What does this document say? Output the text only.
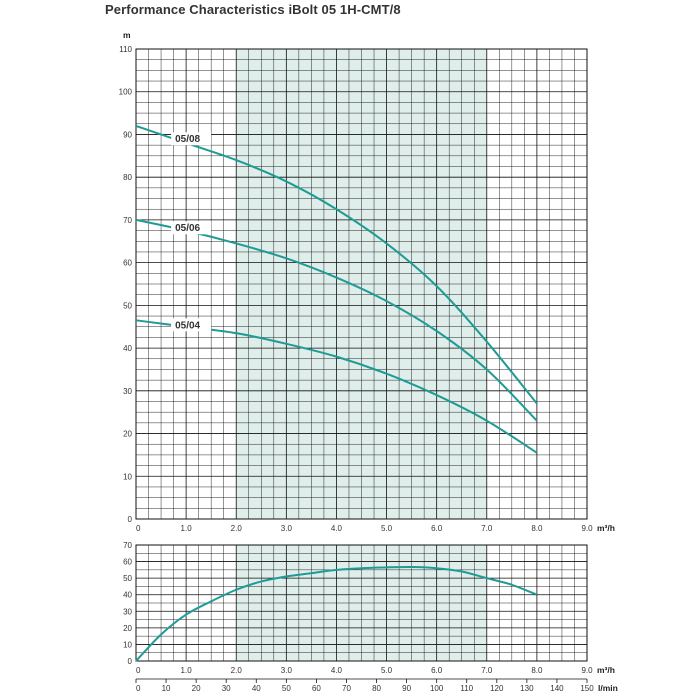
Performance Characteristics iBolt 05 1H-CMT/8
0
10
20
30
40
50
60
70
80
90
100
110
0	1.0	2.0	3.0	4.0	5.0	6.0	7.0	8.0	9.0 m³/h
m
05/08
05/06
05/04
0
10
20
30
40
50
60
70
0	1.0	2.0	3.0	4.0	5.0	6.0	7.0	8.0	9.0 m³/h
0	10	20	30	40	50	60	70	80	90 100 110 120 130 140 150 l/min
